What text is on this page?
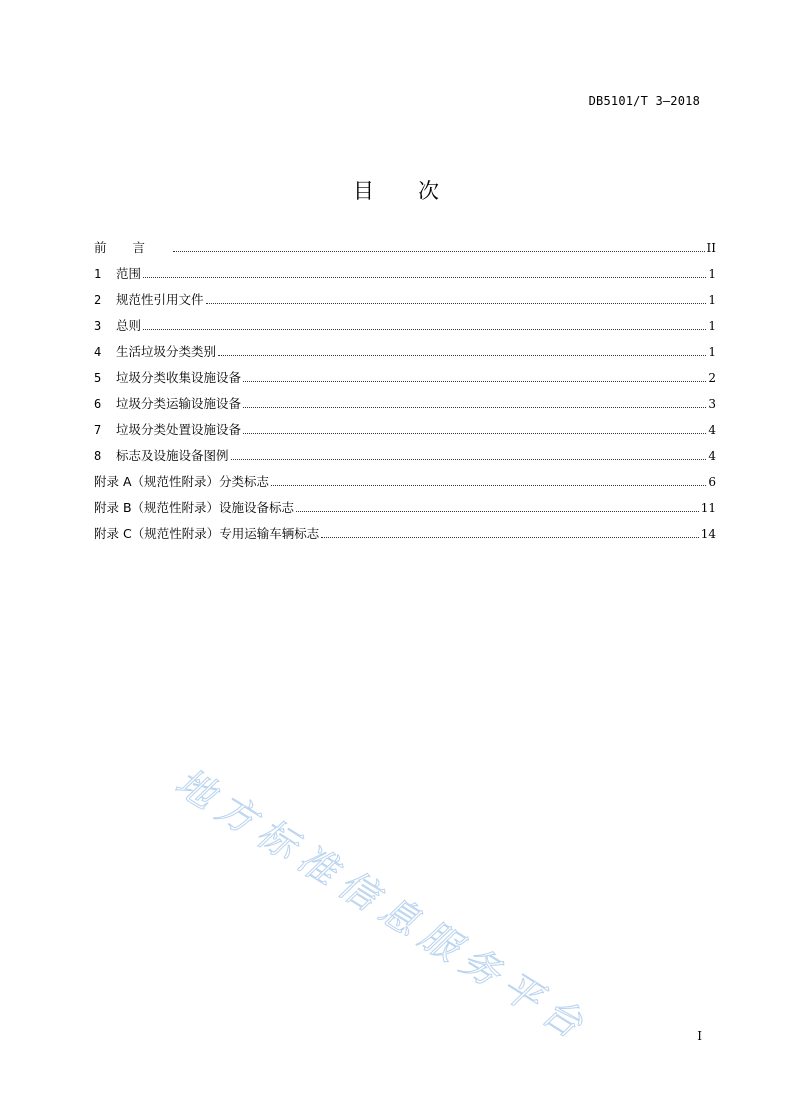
DB5101/T 3—2018
目次
前言	II
1	范围	1
2	规范性引用文件	1
3	总则	1
4	生活垃圾分类类别	1
5	垃圾分类收集设施设备	2
6	垃圾分类运输设施设备	3
7	垃圾分类处置设施设备	4
8	标志及设施设备图例	4
附录 A（规范性附录）分类标志	6
附录 B（规范性附录）设施设备标志	11
附录 C（规范性附录）专用运输车辆标志	14
地方标准信息服务平台	I
